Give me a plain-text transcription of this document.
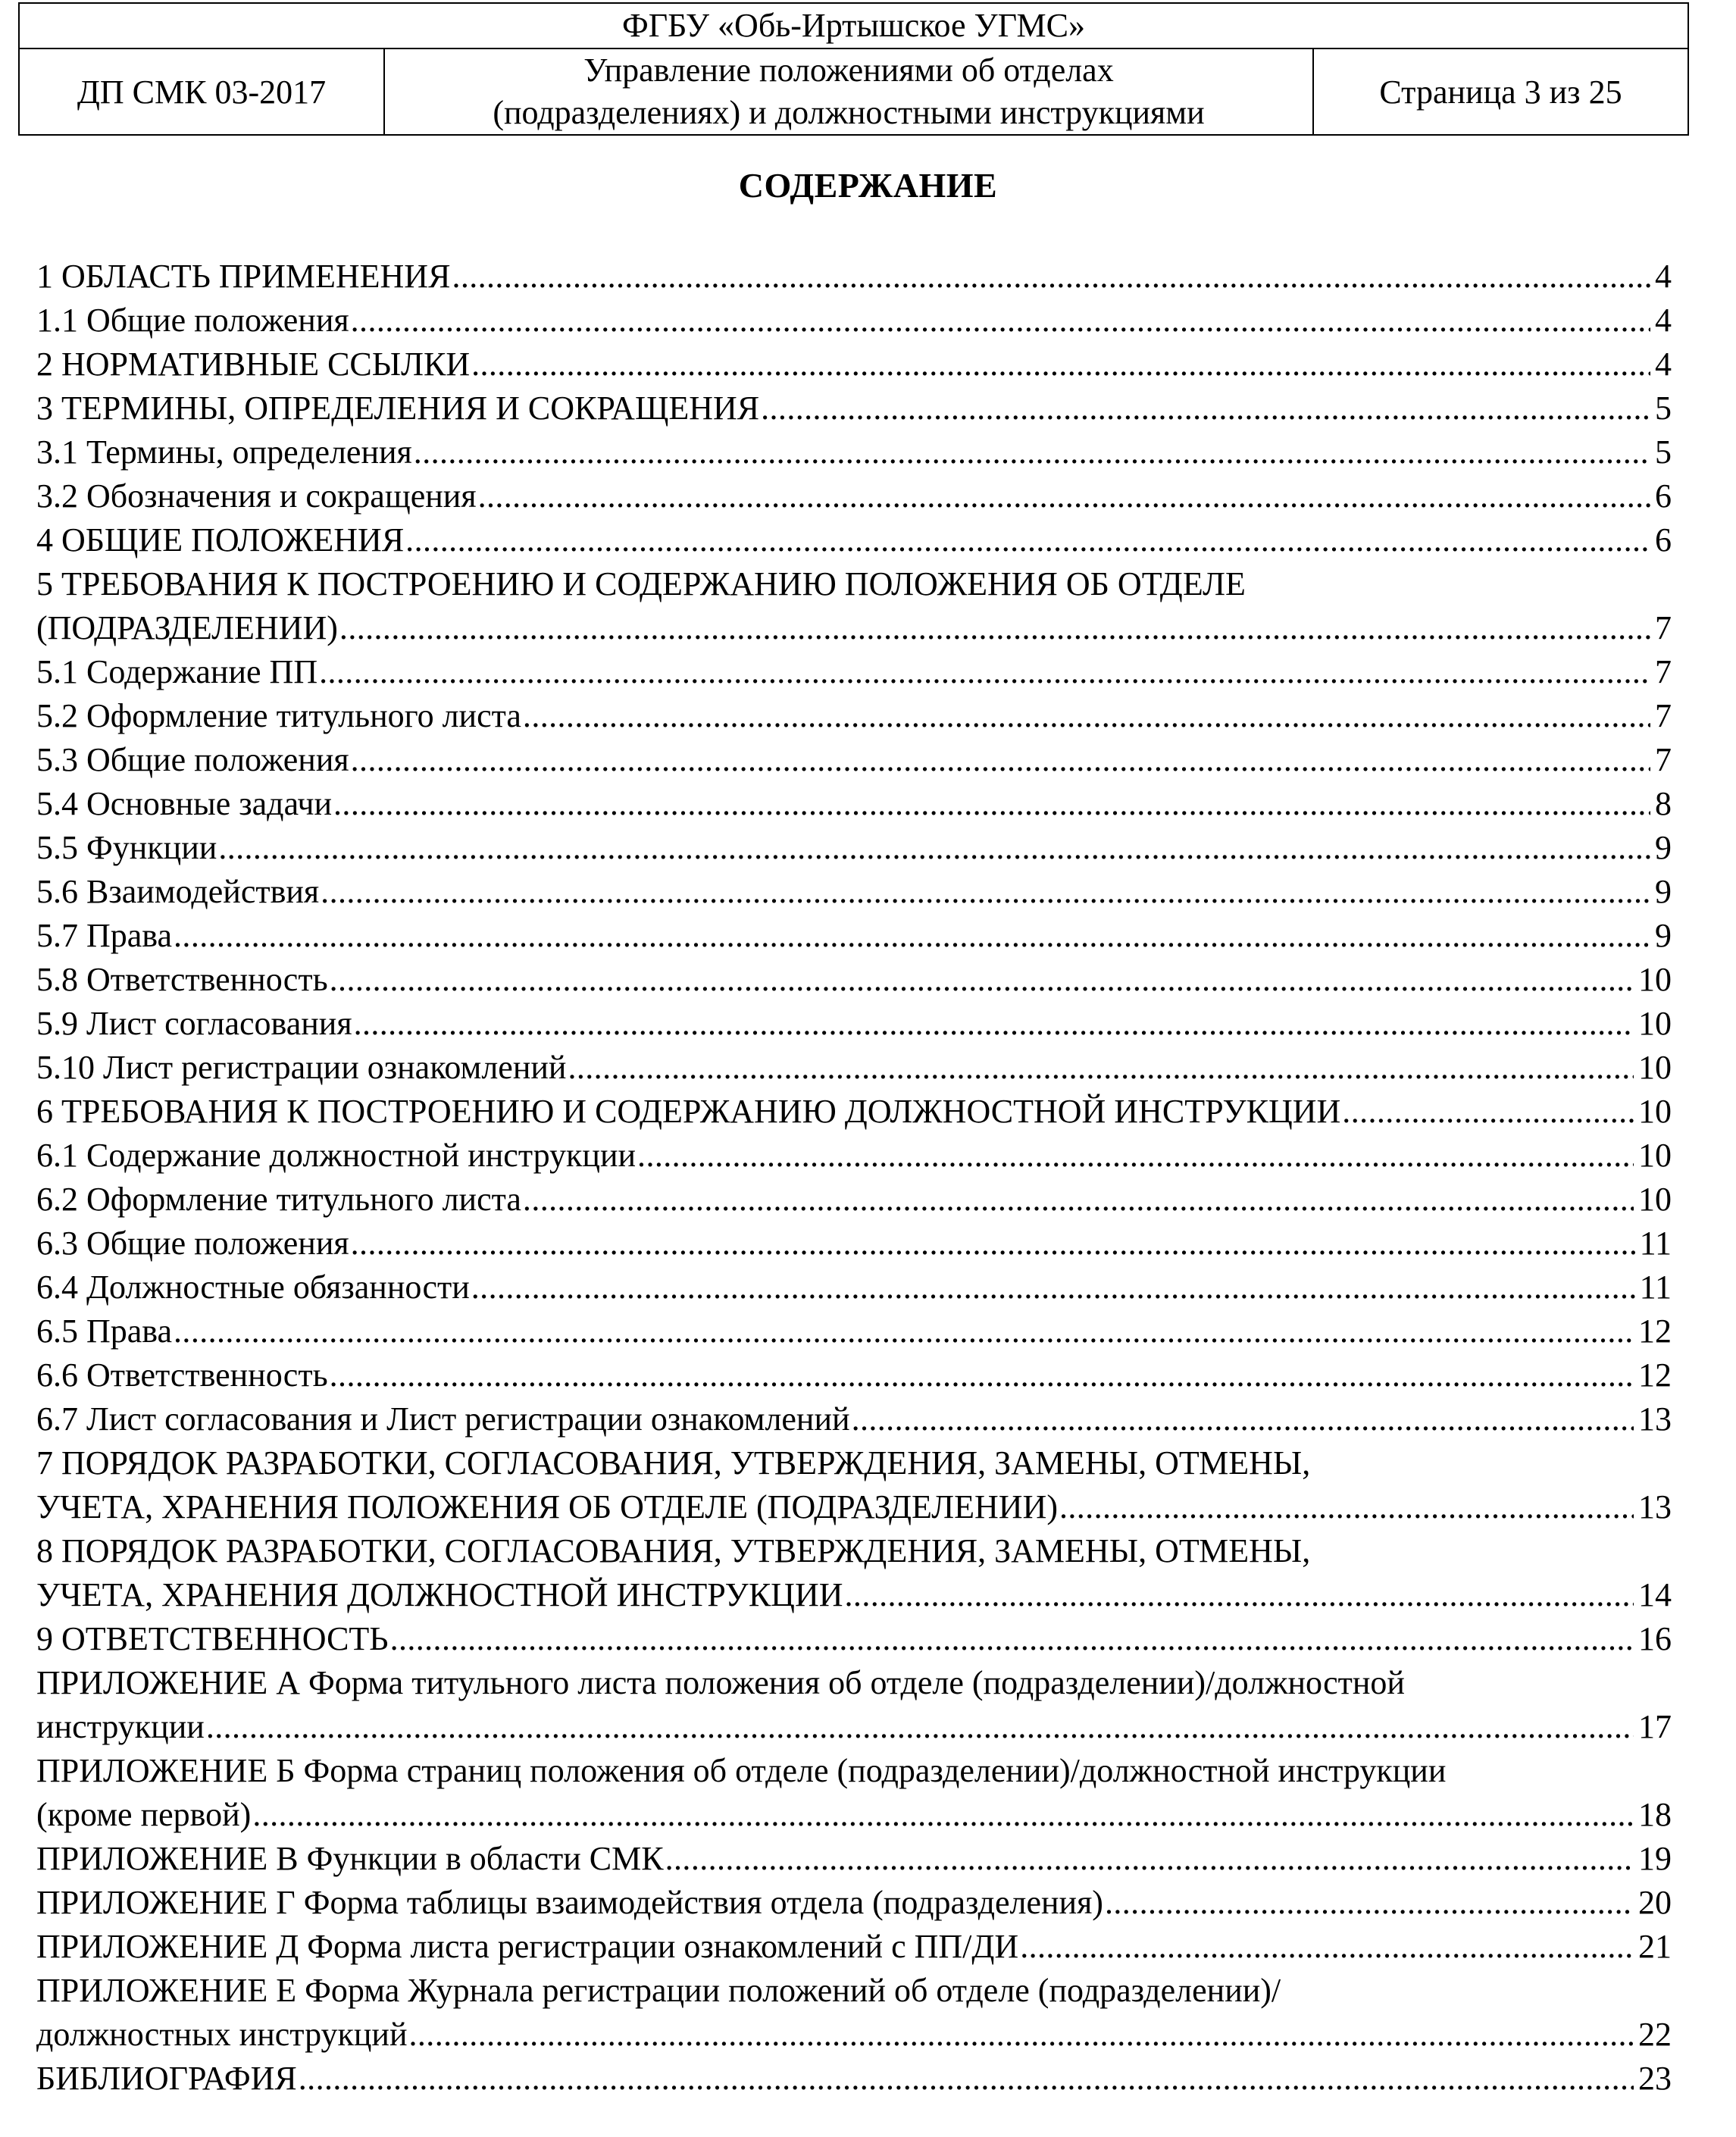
ФГБУ «Обь-Иртышское УГМС»
ДП СМК 03-2017
Управление положениями об отделах
(подразделениях) и должностными инструкциями
Страница 3 из 25
СОДЕРЖАНИЕ
1 ОБЛАСТЬ ПРИМЕНЕНИЯ .....	4
1.1 Общие положения .....	4
2 НОРМАТИВНЫЕ ССЫЛКИ .....	4
3 ТЕРМИНЫ, ОПРЕДЕЛЕНИЯ И СОКРАЩЕНИЯ .....	5
3.1 Термины, определения .....	5
3.2 Обозначения и сокращения .....	6
4 ОБЩИЕ ПОЛОЖЕНИЯ .....	6
5 ТРЕБОВАНИЯ К ПОСТРОЕНИЮ И СОДЕРЖАНИЮ ПОЛОЖЕНИЯ ОБ ОТДЕЛЕ
(ПОДРАЗДЕЛЕНИИ) .....	7
5.1 Содержание ПП .....	7
5.2 Оформление титульного листа .....	7
5.3 Общие положения .....	7
5.4 Основные задачи .....	8
5.5 Функции .....	9
5.6 Взаимодействия .....	9
5.7 Права .....	9
5.8 Ответственность .....	10
5.9 Лист согласования .....	10
5.10 Лист регистрации ознакомлений .....	10
6 ТРЕБОВАНИЯ К ПОСТРОЕНИЮ И СОДЕРЖАНИЮ ДОЛЖНОСТНОЙ ИНСТРУКЦИИ .....	10
6.1 Содержание должностной инструкции .....	10
6.2 Оформление титульного листа .....	10
6.3 Общие положения .....	11
6.4 Должностные обязанности .....	11
6.5 Права .....	12
6.6 Ответственность .....	12
6.7 Лист согласования и Лист регистрации ознакомлений .....	13
7 ПОРЯДОК РАЗРАБОТКИ, СОГЛАСОВАНИЯ, УТВЕРЖДЕНИЯ, ЗАМЕНЫ, ОТМЕНЫ,
УЧЕТА, ХРАНЕНИЯ ПОЛОЖЕНИЯ ОБ ОТДЕЛЕ (ПОДРАЗДЕЛЕНИИ) .....	13
8 ПОРЯДОК РАЗРАБОТКИ, СОГЛАСОВАНИЯ, УТВЕРЖДЕНИЯ, ЗАМЕНЫ, ОТМЕНЫ,
УЧЕТА, ХРАНЕНИЯ ДОЛЖНОСТНОЙ ИНСТРУКЦИИ .....	14
9 ОТВЕТСТВЕННОСТЬ .....	16
ПРИЛОЖЕНИЕ А Форма титульного листа положения об отделе (подразделении)/должностной
инструкции .....	17
ПРИЛОЖЕНИЕ Б Форма страниц положения об отделе (подразделении)/должностной инструкции
(кроме первой) .....	18
ПРИЛОЖЕНИЕ В Функции в области СМК .....	19
ПРИЛОЖЕНИЕ Г Форма таблицы взаимодействия отдела (подразделения) .....	20
ПРИЛОЖЕНИЕ Д Форма листа регистрации ознакомлений с ПП/ДИ .....	21
ПРИЛОЖЕНИЕ Е Форма Журнала регистрации положений об отделе (подразделении)/
должностных инструкций .....	22
БИБЛИОГРАФИЯ .....	23
